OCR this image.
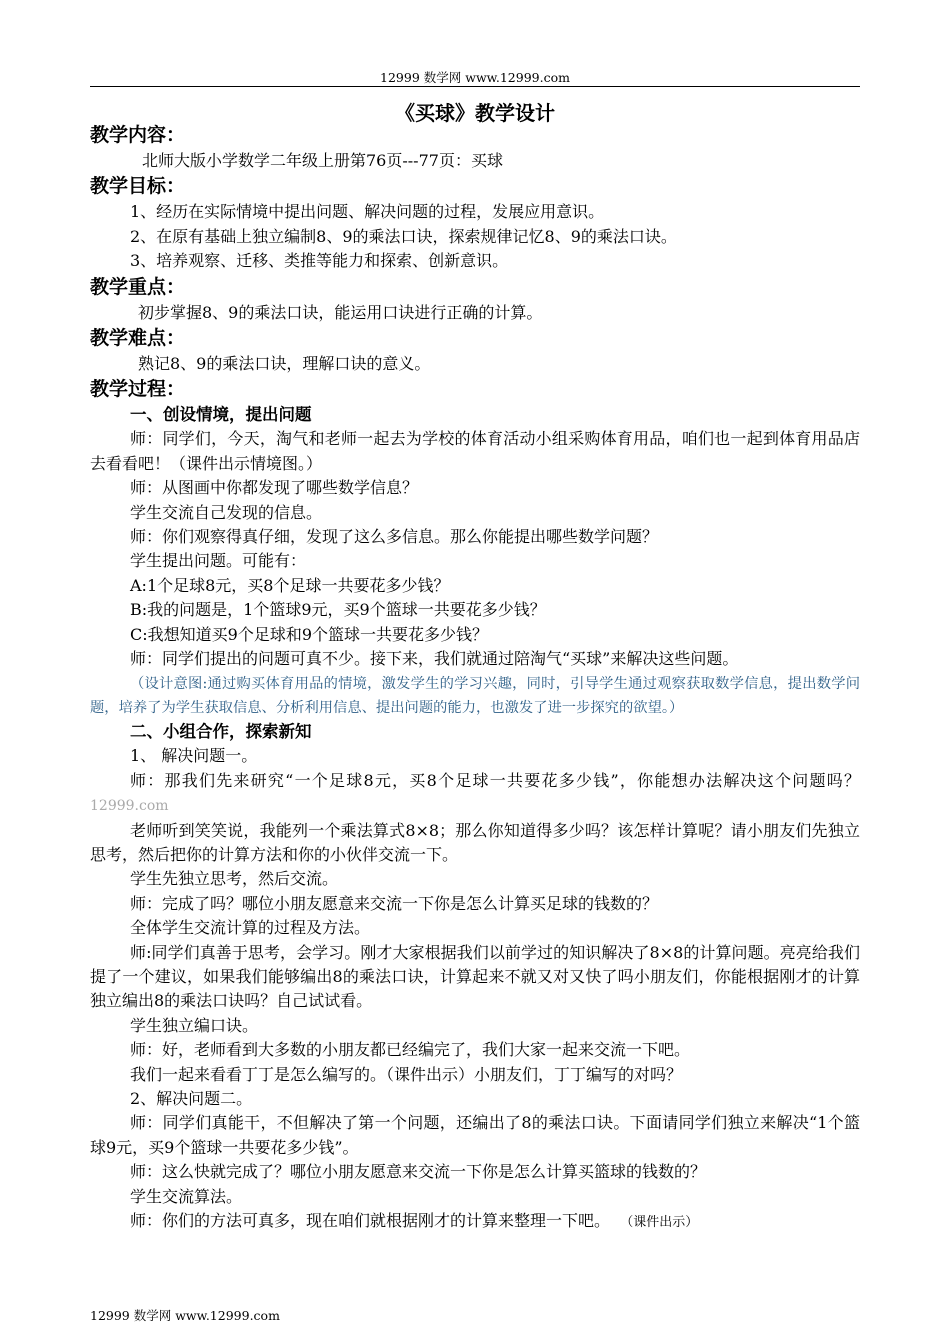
12999 数学网 www.12999.com
《买球》教学设计
教学内容：
北师大版小学数学二年级上册第76页---77页：买球
教学目标：
1、经历在实际情境中提出问题、解决问题的过程，发展应用意识。
2、在原有基础上独立编制8、9的乘法口诀，探索规律记忆8、9的乘法口诀。
3、培养观察、迁移、类推等能力和探索、创新意识。
教学重点：
初步掌握8、9的乘法口诀，能运用口诀进行正确的计算。
教学难点：
熟记8、9的乘法口诀，理解口诀的意义。
教学过程：
一、创设情境，提出问题
师：同学们，今天，淘气和老师一起去为学校的体育活动小组采购体育用品，咱们也一起到体育用品店去看看吧！（课件出示情境图。）
师：从图画中你都发现了哪些数学信息？
学生交流自己发现的信息。
师：你们观察得真仔细，发现了这么多信息。那么你能提出哪些数学问题？
学生提出问题。可能有：
A:1个足球8元，买8个足球一共要花多少钱？
B:我的问题是，1个篮球9元，买9个篮球一共要花多少钱？
C:我想知道买9个足球和9个篮球一共要花多少钱？
师：同学们提出的问题可真不少。接下来，我们就通过陪淘气“买球”来解决这些问题。
（设计意图:通过购买体育用品的情境，激发学生的学习兴趣，同时，引导学生通过观察获取数学信息，提出数学问题，培养了为学生获取信息、分析利用信息、提出问题的能力，也激发了进一步探究的欲望。）
二、小组合作，探索新知
1、 解决问题一。
师：那我们先来研究“一个足球8元，买8个足球一共要花多少钱”，你能想办法解决这个问题吗？12999.com
老师听到笑笑说，我能列一个乘法算式8×8；那么你知道得多少吗？该怎样计算呢？请小朋友们先独立思考，然后把你的计算方法和你的小伙伴交流一下。
学生先独立思考，然后交流。
师：完成了吗？哪位小朋友愿意来交流一下你是怎么计算买足球的钱数的？
全体学生交流计算的过程及方法。
师:同学们真善于思考，会学习。刚才大家根据我们以前学过的知识解决了8×8的计算问题。亮亮给我们提了一个建议，如果我们能够编出8的乘法口诀，计算起来不就又对又快了吗小朋友们，你能根据刚才的计算独立编出8的乘法口诀吗？自己试试看。
学生独立编口诀。
师：好，老师看到大多数的小朋友都已经编完了，我们大家一起来交流一下吧。
我们一起来看看丁丁是怎么编写的。（课件出示）小朋友们，丁丁编写的对吗？
2、解决问题二。
师：同学们真能干，不但解决了第一个问题，还编出了8的乘法口诀。下面请同学们独立来解决“1个篮球9元，买9个篮球一共要花多少钱”。
师：这么快就完成了？哪位小朋友愿意来交流一下你是怎么计算买篮球的钱数的？
学生交流算法。
师：你们的方法可真多，现在咱们就根据刚才的计算来整理一下吧。 （课件出示）
12999 数学网 www.12999.com
